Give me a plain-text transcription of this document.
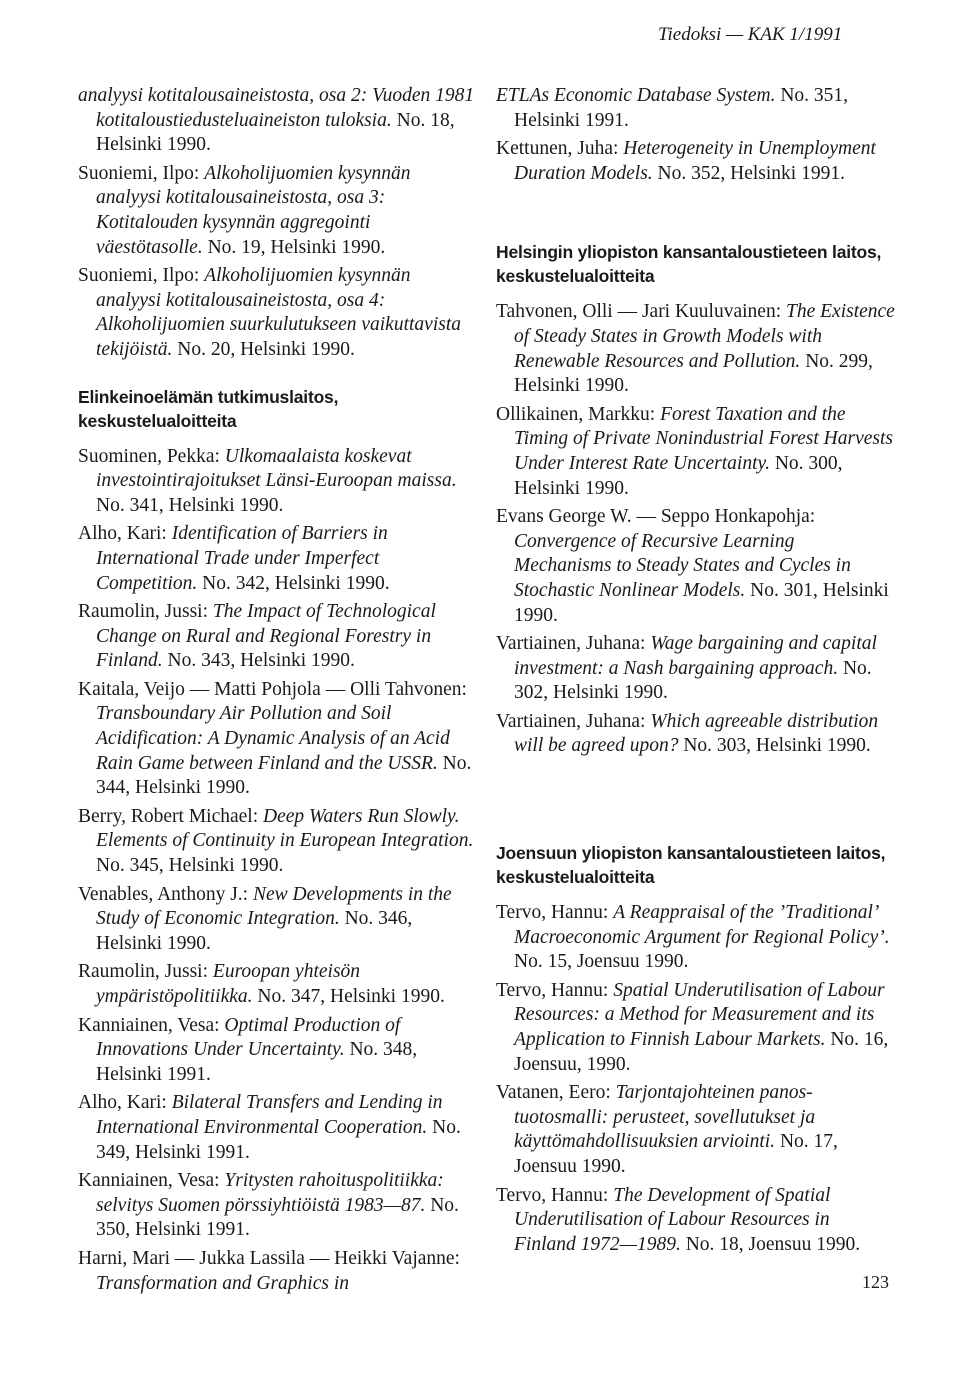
Tiedoksi — KAK 1/1991

analyysi kotitalousaineistosta, osa 2: Vuoden 1981 kotitaloustiedusteluaineiston tuloksia. No. 18, Helsinki 1990.

Suoniemi, Ilpo: Alkoholijuomien kysynnän analyysi kotitalousaineistosta, osa 3: Kotitalouden kysynnän aggregointi väestötasolle. No. 19, Helsinki 1990.

Suoniemi, Ilpo: Alkoholijuomien kysynnän analyysi kotitalousaineistosta, osa 4: Alkoholijuomien suurkulutukseen vaikuttavista tekijöistä. No. 20, Helsinki 1990.

Elinkeinoelämän tutkimuslaitos, keskustelualoitteita

Suominen, Pekka: Ulkomaalaista koskevat investointirajoitukset Länsi-Euroopan maissa. No. 341, Helsinki 1990.

Alho, Kari: Identification of Barriers in International Trade under Imperfect Competition. No. 342, Helsinki 1990.

Raumolin, Jussi: The Impact of Technological Change on Rural and Regional Forestry in Finland. No. 343, Helsinki 1990.

Kaitala, Veijo — Matti Pohjola — Olli Tahvonen: Transboundary Air Pollution and Soil Acidification: A Dynamic Analysis of an Acid Rain Game between Finland and the USSR. No. 344, Helsinki 1990.

Berry, Robert Michael: Deep Waters Run Slowly. Elements of Continuity in European Integration. No. 345, Helsinki 1990.

Venables, Anthony J.: New Developments in the Study of Economic Integration. No. 346, Helsinki 1990.

Raumolin, Jussi: Euroopan yhteisön ympäristöpolitiikka. No. 347, Helsinki 1990.

Kanniainen, Vesa: Optimal Production of Innovations Under Uncertainty. No. 348, Helsinki 1991.

Alho, Kari: Bilateral Transfers and Lending in International Environmental Cooperation. No. 349, Helsinki 1991.

Kanniainen, Vesa: Yritysten rahoituspolitiikka: selvitys Suomen pörssiyhtiöistä 1983—87. No. 350, Helsinki 1991.

Harni, Mari — Jukka Lassila — Heikki Vajanne: Transformation and Graphics in

ETLAs Economic Database System. No. 351, Helsinki 1991.

Kettunen, Juha: Heterogeneity in Unemployment Duration Models. No. 352, Helsinki 1991.

Helsingin yliopiston kansantaloustieteen laitos, keskustelualoitteita

Tahvonen, Olli — Jari Kuuluvainen: The Existence of Steady States in Growth Models with Renewable Resources and Pollution. No. 299, Helsinki 1990.

Ollikainen, Markku: Forest Taxation and the Timing of Private Nonindustrial Forest Harvests Under Interest Rate Uncertainty. No. 300, Helsinki 1990.

Evans George W. — Seppo Honkapohja: Convergence of Recursive Learning Mechanisms to Steady States and Cycles in Stochastic Nonlinear Models. No. 301, Helsinki 1990.

Vartiainen, Juhana: Wage bargaining and capital investment: a Nash bargaining approach. No. 302, Helsinki 1990.

Vartiainen, Juhana: Which agreeable distribution will be agreed upon? No. 303, Helsinki 1990.

Joensuun yliopiston kansantaloustieteen laitos, keskustelualoitteita

Tervo, Hannu: A Reappraisal of the ’Traditional’ Macroeconomic Argument for Regional Policy’. No. 15, Joensuu 1990.

Tervo, Hannu: Spatial Underutilisation of Labour Resources: a Method for Measurement and its Application to Finnish Labour Markets. No. 16, Joensuu, 1990.

Vatanen, Eero: Tarjontajohteinen panos-tuotosmalli: perusteet, sovellutukset ja käyttömahdollisuuksien arviointi. No. 17, Joensuu 1990.

Tervo, Hannu: The Development of Spatial Underutilisation of Labour Resources in Finland 1972—1989. No. 18, Joensuu 1990.

123
